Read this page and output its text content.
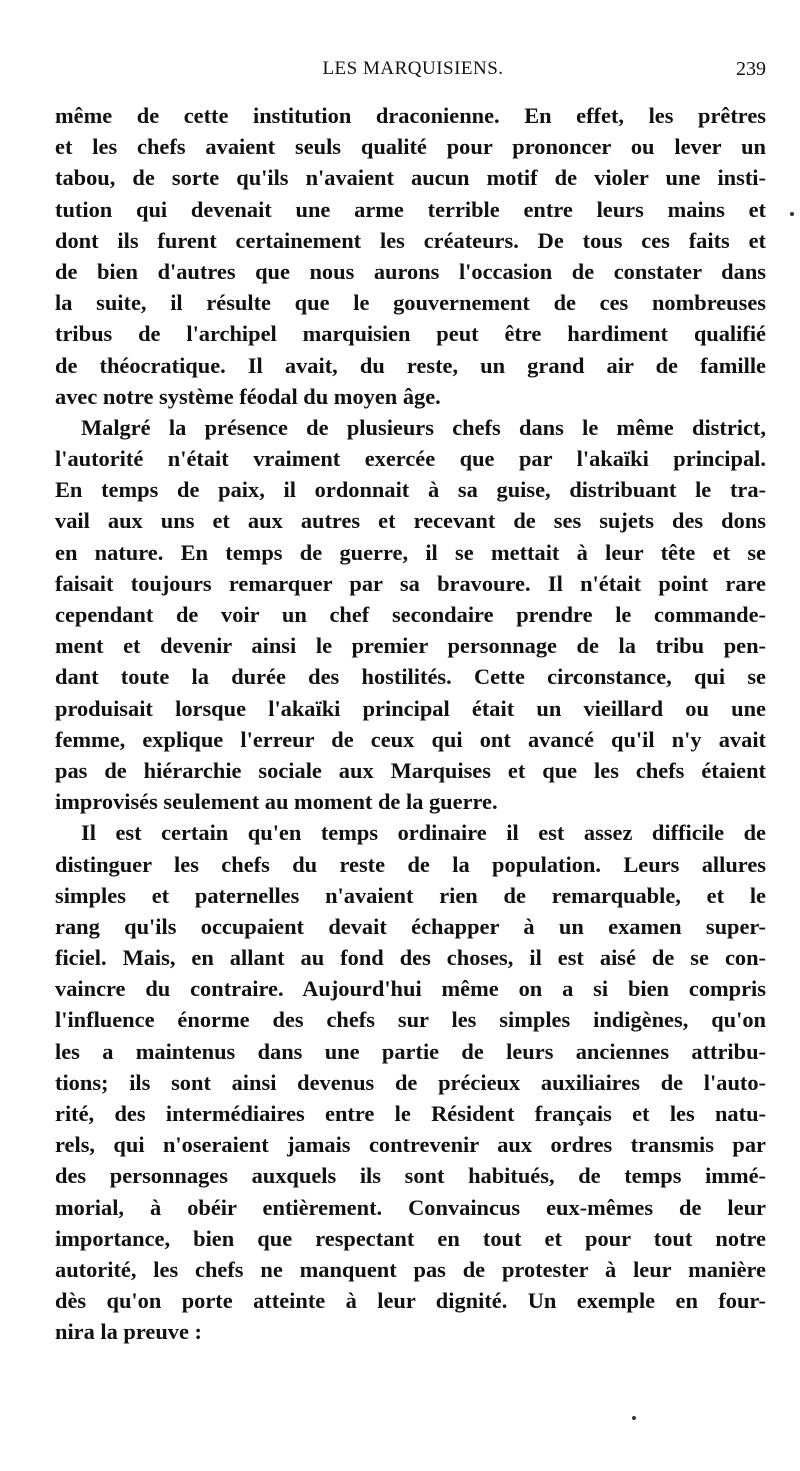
LES MARQUISIENS.	239
même de cette institution draconienne. En effet, les prêtres
et les chefs avaient seuls qualité pour prononcer ou lever un
tabou, de sorte qu'ils n'avaient aucun motif de violer une insti-
tution qui devenait une arme terrible entre leurs mains et
dont ils furent certainement les créateurs. De tous ces faits et
de bien d'autres que nous aurons l'occasion de constater dans
la suite, il résulte que le gouvernement de ces nombreuses
tribus de l'archipel marquisien peut être hardiment qualifié
de théocratique. Il avait, du reste, un grand air de famille
avec notre système féodal du moyen âge.
Malgré la présence de plusieurs chefs dans le même district,
l'autorité n'était vraiment exercée que par l'akaïki principal.
En temps de paix, il ordonnait à sa guise, distribuant le tra-
vail aux uns et aux autres et recevant de ses sujets des dons
en nature. En temps de guerre, il se mettait à leur tête et se
faisait toujours remarquer par sa bravoure. Il n'était point rare
cependant de voir un chef secondaire prendre le commande-
ment et devenir ainsi le premier personnage de la tribu pen-
dant toute la durée des hostilités. Cette circonstance, qui se
produisait lorsque l'akaïki principal était un vieillard ou une
femme, explique l'erreur de ceux qui ont avancé qu'il n'y avait
pas de hiérarchie sociale aux Marquises et que les chefs étaient
improvisés seulement au moment de la guerre.
Il est certain qu'en temps ordinaire il est assez difficile de
distinguer les chefs du reste de la population. Leurs allures
simples et paternelles n'avaient rien de remarquable, et le
rang qu'ils occupaient devait échapper à un examen super-
ficiel. Mais, en allant au fond des choses, il est aisé de se con-
vaincre du contraire. Aujourd'hui même on a si bien compris
l'influence énorme des chefs sur les simples indigènes, qu'on
les a maintenus dans une partie de leurs anciennes attribu-
tions; ils sont ainsi devenus de précieux auxiliaires de l'auto-
rité, des intermédiaires entre le Résident français et les natu-
rels, qui n'oseraient jamais contrevenir aux ordres transmis par
des personnages auxquels ils sont habitués, de temps immé-
morial, à obéir entièrement. Convaincus eux-mêmes de leur
importance, bien que respectant en tout et pour tout notre
autorité, les chefs ne manquent pas de protester à leur manière
dès qu'on porte atteinte à leur dignité. Un exemple en four-
nira la preuve :
